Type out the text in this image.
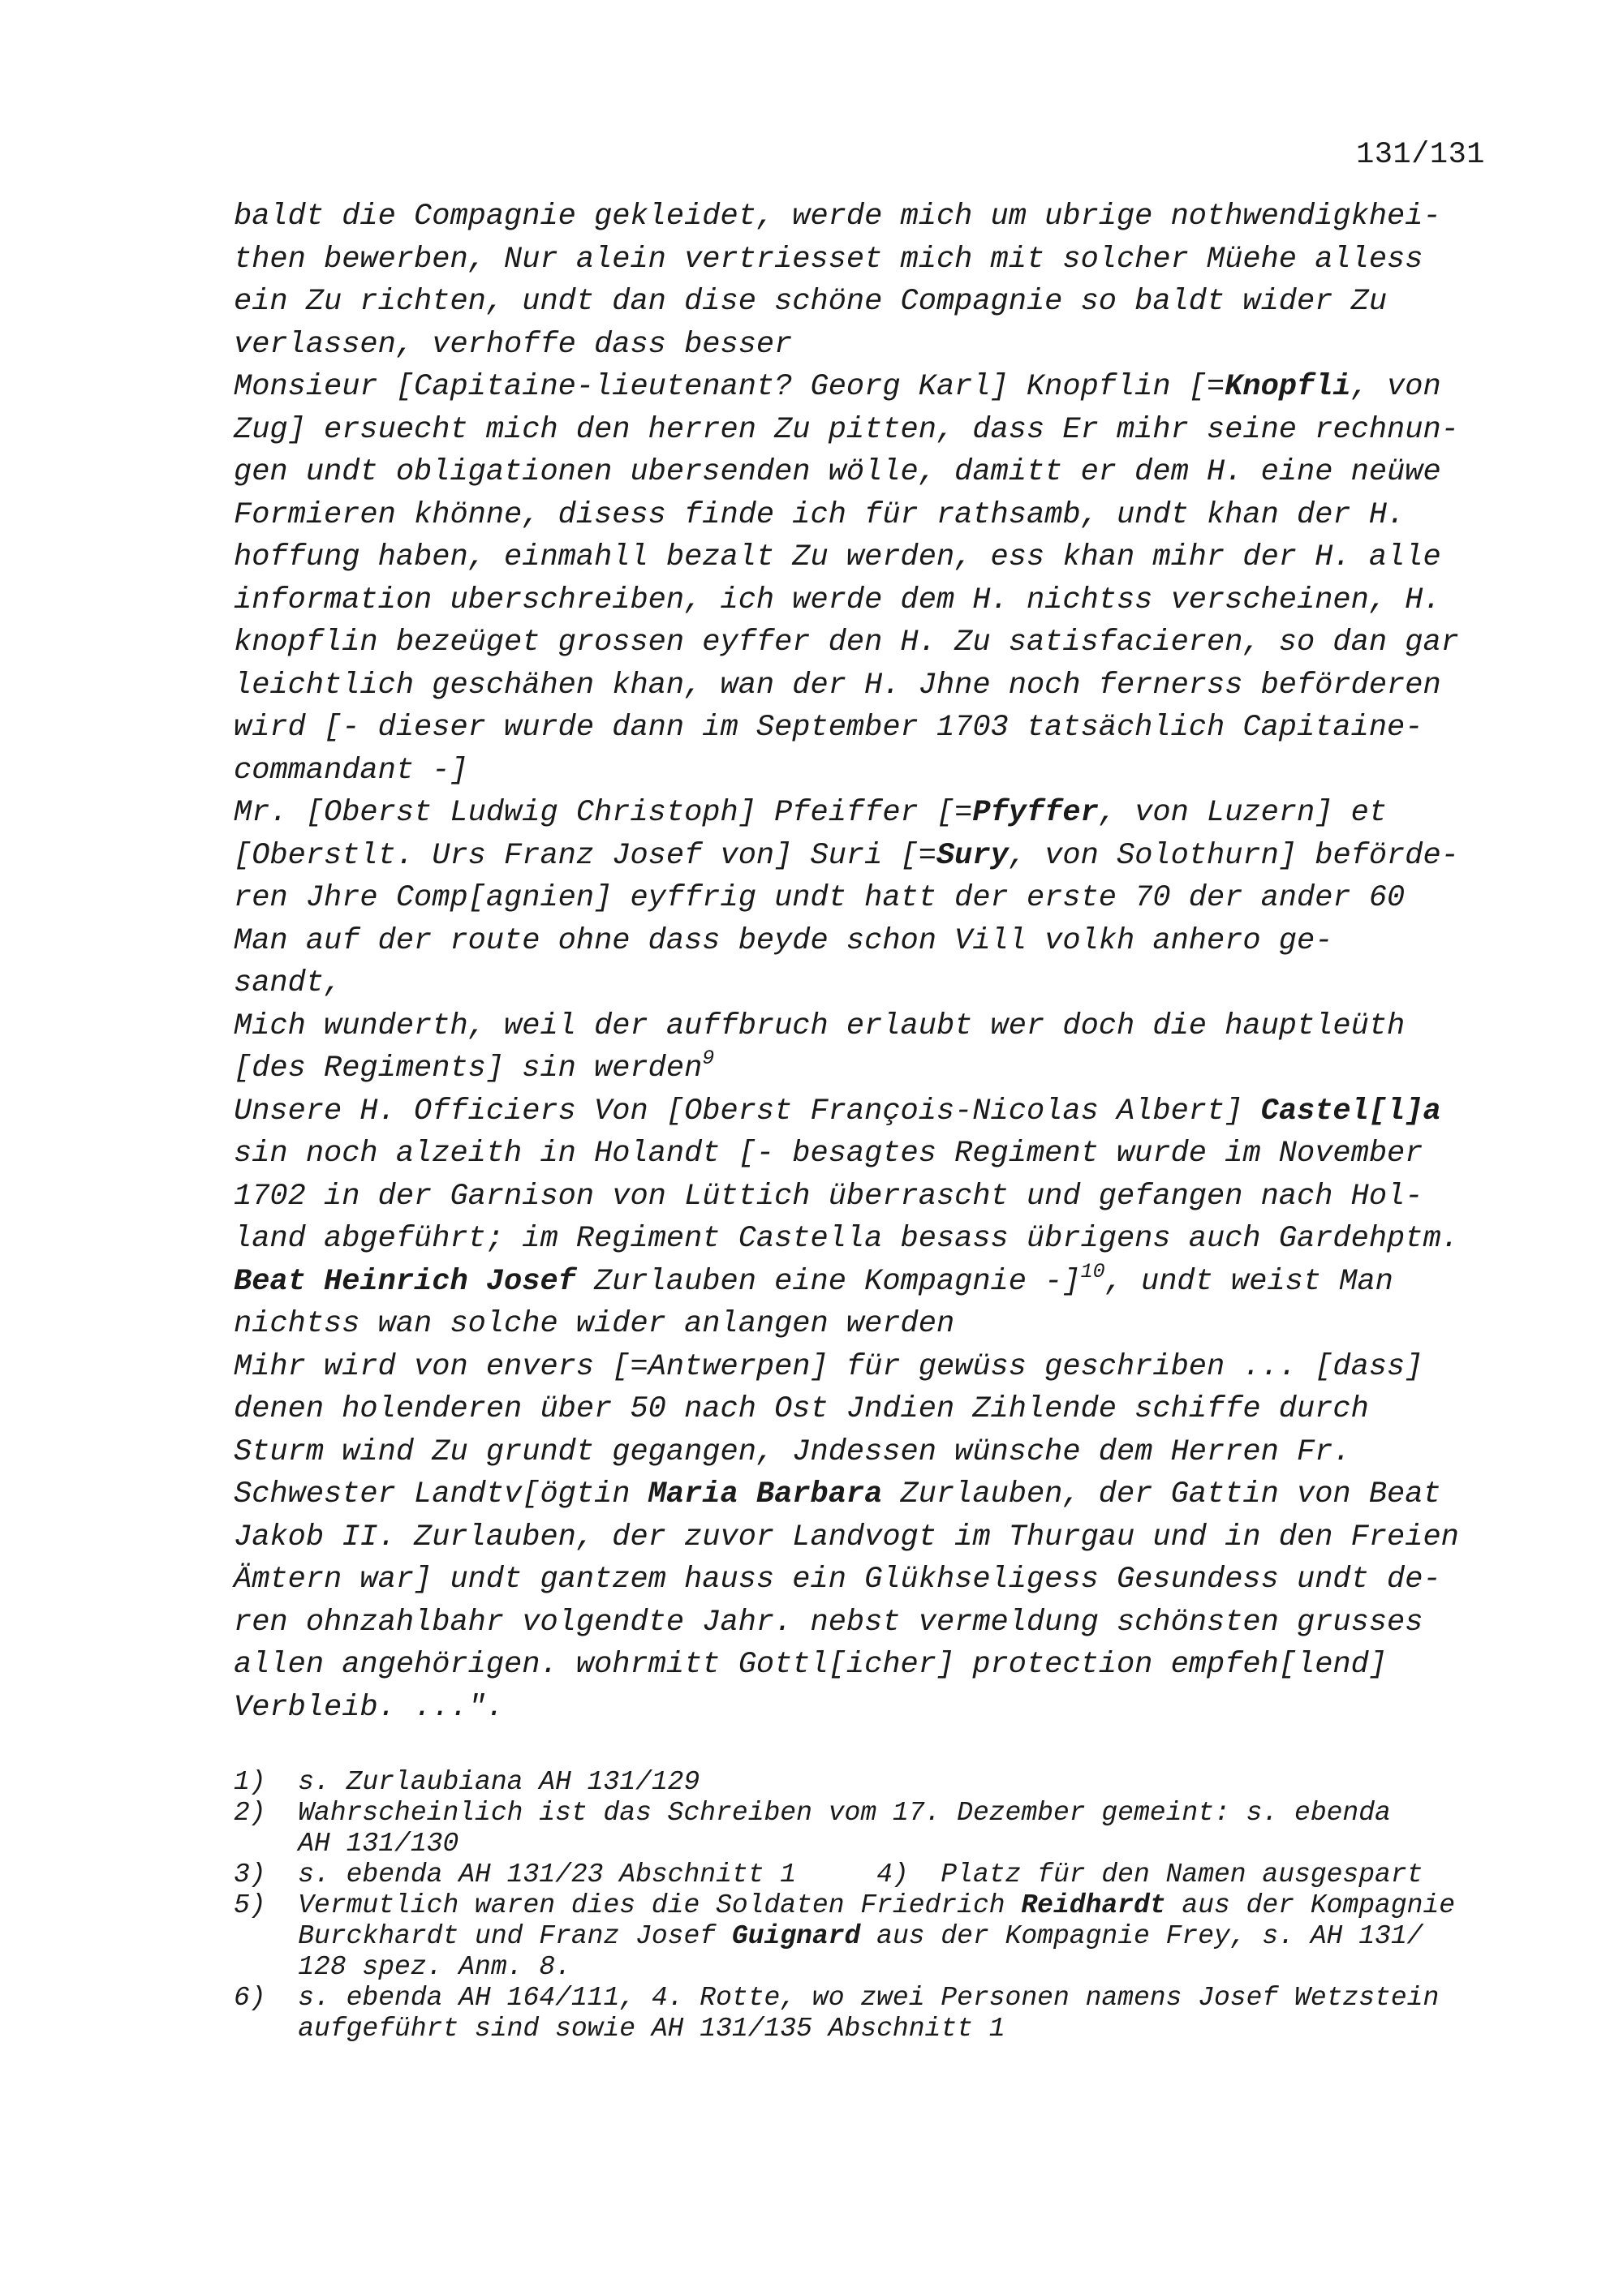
131/131
baldt die Compagnie gekleidet, werde mich um ubrige nothwendigkhei-
then bewerben, Nur alein vertriesset mich mit solcher Müehe alless
ein Zu richten, undt dan dise schöne Compagnie so baldt wider Zu
verlassen, verhoffe dass besser
Monsieur [Capitaine-lieutenant? Georg Karl] Knopflin [=Knopfli, von
Zug] ersuecht mich den herren Zu pitten, dass Er mihr seine rechnun-
gen undt obligationen ubersenden wölle, damitt er dem H. eine neüwe
Formieren khönne, disess finde ich für rathsamb, undt khan der H.
hoffung haben, einmahll bezalt Zu werden, ess khan mihr der H. alle
information uberschreiben, ich werde dem H. nichtss verscheinen, H.
knopflin bezeüget grossen eyffer den H. Zu satisfacieren, so dan gar
leichtlich geschähen khan, wan der H. Jhne noch fernerss beförderen
wird [- dieser wurde dann im September 1703 tatsächlich Capitaine-
commandant -]
Mr. [Oberst Ludwig Christoph] Pfeiffer [=Pfyffer, von Luzern] et
[Oberstlt. Urs Franz Josef von] Suri [=Sury, von Solothurn] beförde-
ren Jhre Comp[agnien] eyffrig undt hatt der erste 70 der ander 60
Man auf der route ohne dass beyde schon Vill volkh anhero ge-
sandt,
Mich wunderth, weil der auffbruch erlaubt wer doch die hauptleüth
[des Regiments] sin werden$^9$
Unsere H. Officiers Von [Oberst François-Nicolas Albert] Castel[l]a
sin noch alzeith in Holandt [- besagtes Regiment wurde im November
1702 in der Garnison von Lüttich überrascht und gefangen nach Hol-
land abgeführt; im Regiment Castella besass übrigens auch Gardehptm.
Beat Heinrich Josef Zurlauben eine Kompagnie -]$^{10}$, undt weist Man
nichtss wan solche wider anlangen werden
Mihr wird von envers [=Antwerpen] für gewüss geschriben ... [dass]
denen holenderen über 50 nach Ost Jndien Zihlende schiffe durch
Sturm wind Zu grundt gegangen, Jndessen wünsche dem Herren Fr.
Schwester Landtv[ögtin Maria Barbara Zurlauben, der Gattin von Beat
Jakob II. Zurlauben, der zuvor Landvogt im Thurgau und in den Freien
Ämtern war] undt gantzem hauss ein Glükhseligess Gesundess undt de-
ren ohnzahlbahr volgendte Jahr. nebst vermeldung schönsten grusses
allen angehörigen. wohrmitt Gottl[icher] protection empfeh[lend]
Verbleib. ...".
1)  s. Zurlaubiana AH 131/129
2)  Wahrscheinlich ist das Schreiben vom 17. Dezember gemeint: s. ebenda
AH 131/130
3)  s. ebenda AH 131/23 Abschnitt 1     4)  Platz für den Namen ausgespart
5)  Vermutlich waren dies die Soldaten Friedrich Reidhardt aus der Kompagnie
Burckhardt und Franz Josef Guignard aus der Kompagnie Frey, s. AH 131/
128 spez. Anm. 8.
6)  s. ebenda AH 164/111, 4. Rotte, wo zwei Personen namens Josef Wetzstein
aufgeführt sind sowie AH 131/135 Abschnitt 1
